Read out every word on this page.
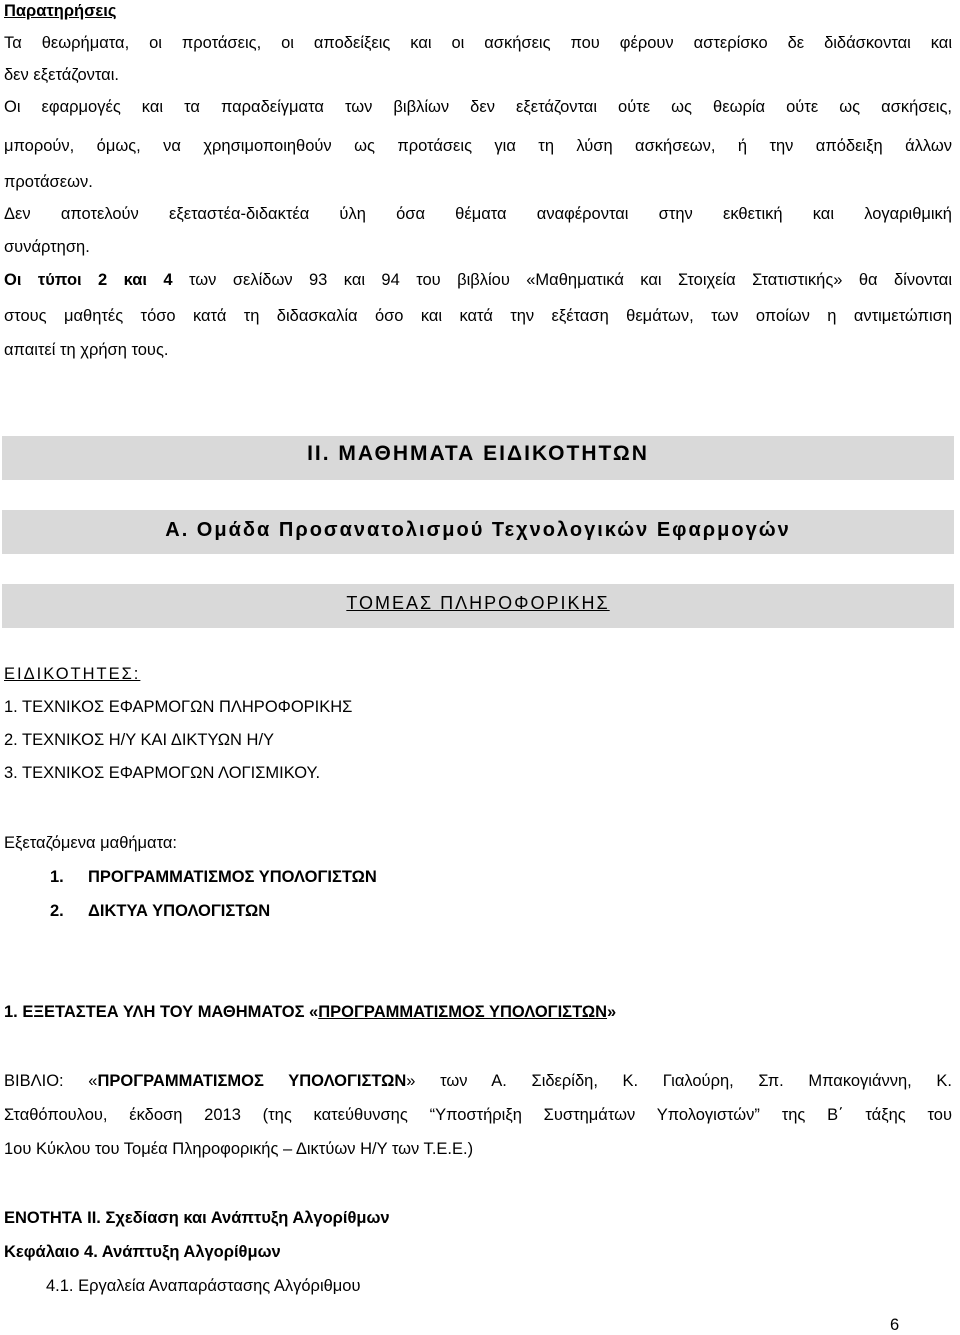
Παρατηρήσεις
Τα θεωρήματα, οι προτάσεις, οι αποδείξεις και οι ασκήσεις που φέρουν αστερίσκο δε διδάσκονται και
δεν εξετάζονται.
Οι εφαρμογές και τα παραδείγματα των βιβλίων δεν εξετάζονται ούτε ως θεωρία ούτε ως ασκήσεις,
μπορούν, όμως, να χρησιμοποιηθούν ως προτάσεις για τη λύση ασκήσεων, ή την απόδειξη άλλων
προτάσεων.
Δεν αποτελούν εξεταστέα-διδακτέα ύλη όσα θέματα αναφέρονται στην εκθετική και λογαριθμική
συνάρτηση.
Οι τύποι 2 και 4 των σελίδων 93 και 94 του βιβλίου «Μαθηματικά και Στοιχεία Στατιστικής» θα δίνονται
στους μαθητές τόσο κατά τη διδασκαλία όσο και κατά την εξέταση θεμάτων, των οποίων η αντιμετώπιση
απαιτεί τη χρήση τους.
ΙΙ. ΜΑΘΗΜΑΤΑ ΕΙΔΙΚΟΤΗΤΩΝ
Α. Ομάδα Προσανατολισμού Τεχνολογικών Εφαρμογών
ΤΟΜΕΑΣ ΠΛΗΡΟΦΟΡΙΚΗΣ
ΕΙΔΙΚΟΤΗΤΕΣ:
1. ΤΕΧΝΙΚΟΣ ΕΦΑΡΜΟΓΩΝ ΠΛΗΡΟΦΟΡΙΚΗΣ
2. ΤΕΧΝΙΚΟΣ Η/Υ ΚΑΙ ΔΙΚΤΥΩΝ Η/Υ
3. ΤΕΧΝΙΚΟΣ ΕΦΑΡΜΟΓΩΝ ΛΟΓΙΣΜΙΚΟΥ.
Εξεταζόμενα μαθήματα:
1. ΠΡΟΓΡΑΜΜΑΤΙΣΜΟΣ ΥΠΟΛΟΓΙΣΤΩΝ
2. ΔΙΚΤΥΑ ΥΠΟΛΟΓΙΣΤΩΝ
1. ΕΞΕΤΑΣΤΕΑ ΥΛΗ ΤΟΥ ΜΑΘΗΜΑΤΟΣ «ΠΡΟΓΡΑΜΜΑΤΙΣΜΟΣ ΥΠΟΛΟΓΙΣΤΩΝ»
ΒΙΒΛΙΟ: «ΠΡΟΓΡΑΜΜΑΤΙΣΜΟΣ ΥΠΟΛΟΓΙΣΤΩΝ» των Α. Σιδερίδη, Κ. Γιαλούρη, Σπ. Μπακογιάννη, Κ.
Σταθόπουλου, έκδοση 2013 (της κατεύθυνσης “Υποστήριξη Συστημάτων Υπολογιστών” της Β΄ τάξης του
1ου Κύκλου του Τομέα Πληροφορικής – Δικτύων Η/Υ των Τ.Ε.Ε.)
ΕΝΟΤΗΤΑ ΙΙ. Σχεδίαση και Ανάπτυξη Αλγορίθμων
Κεφάλαιο 4. Ανάπτυξη Αλγορίθμων
4.1. Εργαλεία Αναπαράστασης Αλγόριθμου
6
